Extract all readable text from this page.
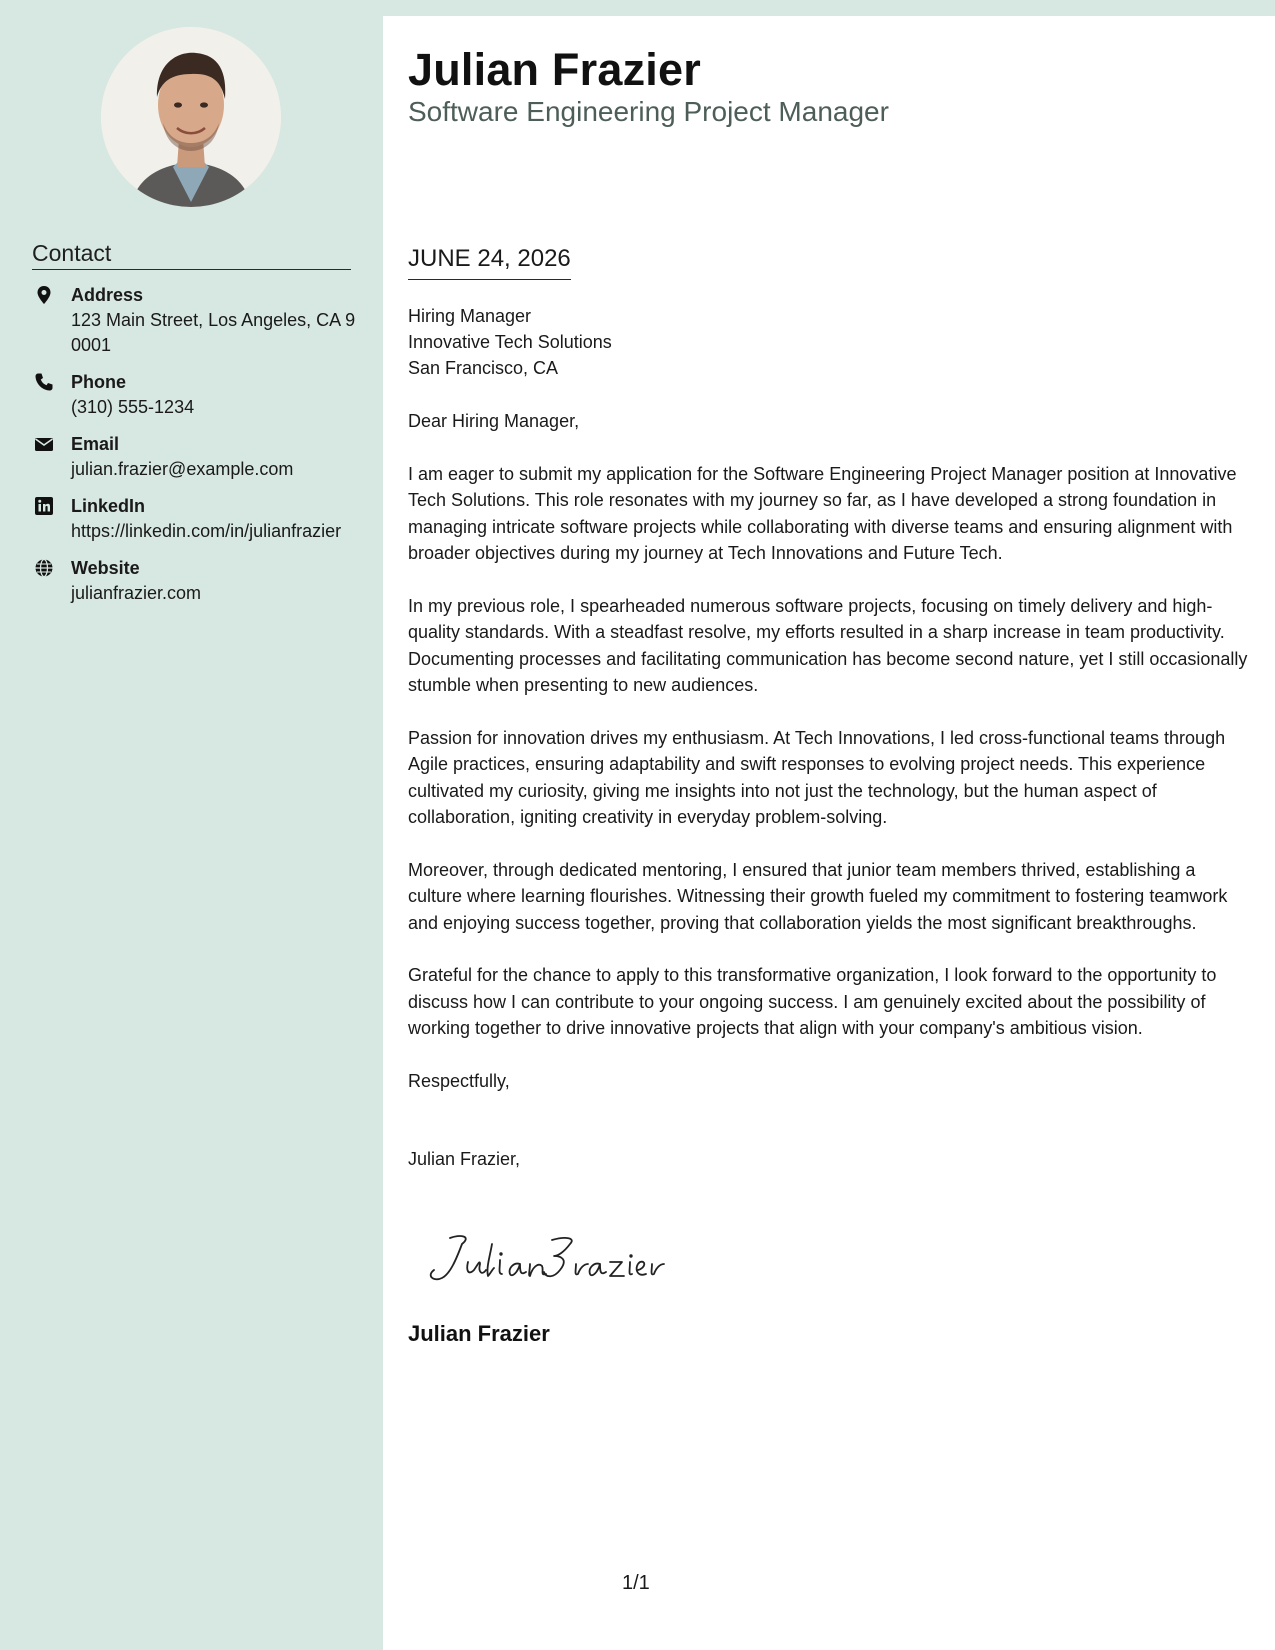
Contact
Address
123 Main Street, Los Angeles, CA 90001
Phone
(310) 555-1234
Email
julian.frazier@example.com
LinkedIn
https://linkedin.com/in/julianfrazier
Website
julianfrazier.com
Julian Frazier
Software Engineering Project Manager
JUNE 24, 2026
Hiring Manager
Innovative Tech Solutions
San Francisco, CA

Dear Hiring Manager,

I am eager to submit my application for the Software Engineering Project Manager position at Innovative Tech Solutions. This role resonates with my journey so far, as I have developed a strong foundation in managing intricate software projects while collaborating with diverse teams and ensuring alignment with broader objectives during my journey at Tech Innovations and Future Tech.

In my previous role, I spearheaded numerous software projects, focusing on timely delivery and high-quality standards. With a steadfast resolve, my efforts resulted in a sharp increase in team productivity. Documenting processes and facilitating communication has become second nature, yet I still occasionally stumble when presenting to new audiences.

Passion for innovation drives my enthusiasm. At Tech Innovations, I led cross-functional teams through Agile practices, ensuring adaptability and swift responses to evolving project needs. This experience cultivated my curiosity, giving me insights into not just the technology, but the human aspect of collaboration, igniting creativity in everyday problem-solving.

Moreover, through dedicated mentoring, I ensured that junior team members thrived, establishing a culture where learning flourishes. Witnessing their growth fueled my commitment to fostering teamwork and enjoying success together, proving that collaboration yields the most significant breakthroughs.

Grateful for the chance to apply to this transformative organization, I look forward to the opportunity to discuss how I can contribute to your ongoing success. I am genuinely excited about the possibility of working together to drive innovative projects that align with your company's ambitious vision.

Respectfully,

Julian Frazier,

Julian Frazier
1/1
